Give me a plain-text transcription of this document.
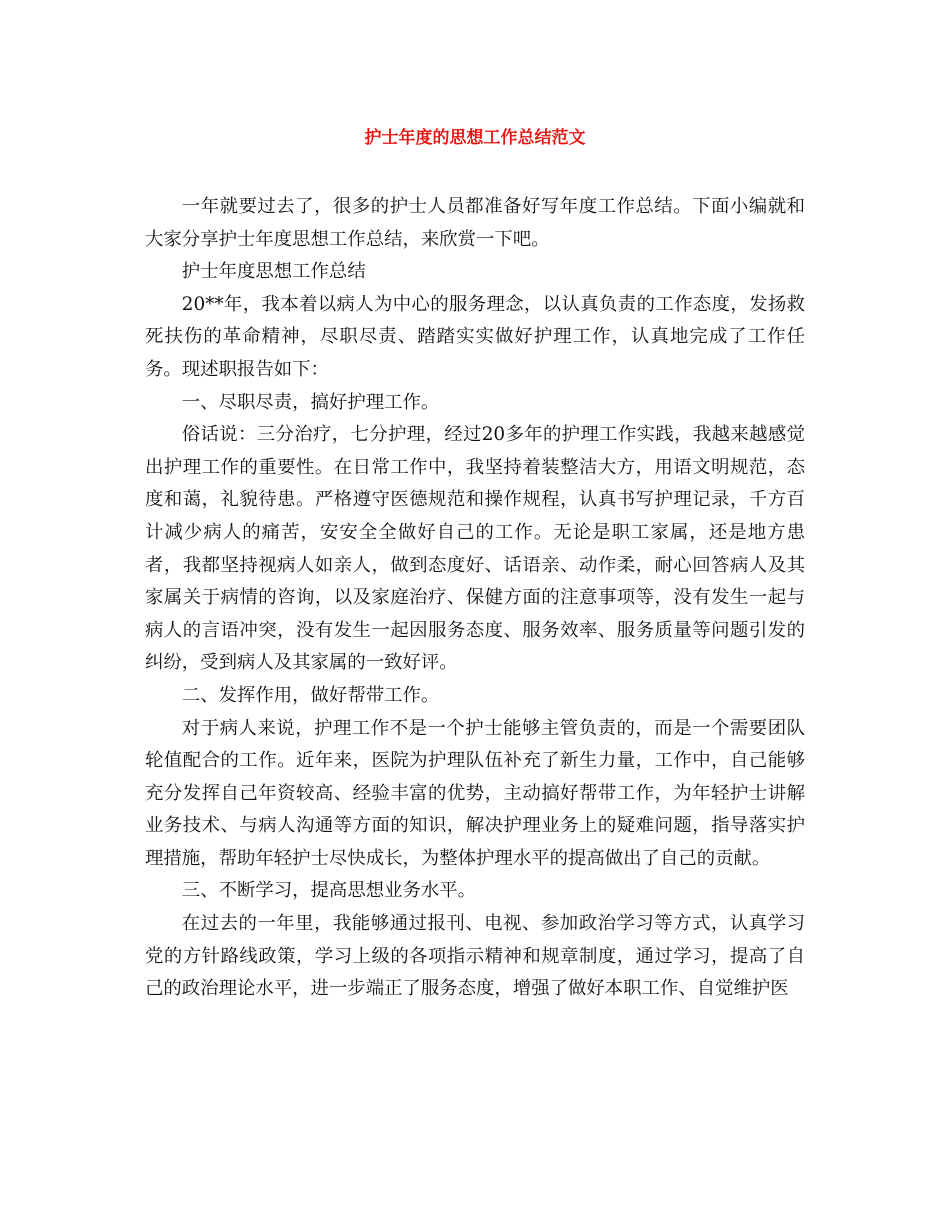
护士年度的思想工作总结范文

一年就要过去了，很多的护士人员都准备好写年度工作总结。下面小编就和大家分享护士年度思想工作总结，来欣赏一下吧。

护士年度思想工作总结

20**年，我本着以病人为中心的服务理念，以认真负责的工作态度，发扬救死扶伤的革命精神，尽职尽责、踏踏实实做好护理工作，认真地完成了工作任务。现述职报告如下：

一、尽职尽责，搞好护理工作。

俗话说：三分治疗，七分护理，经过20多年的护理工作实践，我越来越感觉出护理工作的重要性。在日常工作中，我坚持着装整洁大方，用语文明规范，态度和蔼，礼貌待患。严格遵守医德规范和操作规程，认真书写护理记录，千方百计减少病人的痛苦，安安全全做好自己的工作。无论是职工家属，还是地方患者，我都坚持视病人如亲人，做到态度好、话语亲、动作柔，耐心回答病人及其家属关于病情的咨询，以及家庭治疗、保健方面的注意事项等，没有发生一起与病人的言语冲突，没有发生一起因服务态度、服务效率、服务质量等问题引发的纠纷，受到病人及其家属的一致好评。

二、发挥作用，做好帮带工作。

对于病人来说，护理工作不是一个护士能够主管负责的，而是一个需要团队轮值配合的工作。近年来，医院为护理队伍补充了新生力量，工作中，自己能够充分发挥自己年资较高、经验丰富的优势，主动搞好帮带工作，为年轻护士讲解业务技术、与病人沟通等方面的知识，解决护理业务上的疑难问题，指导落实护理措施，帮助年轻护士尽快成长，为整体护理水平的提高做出了自己的贡献。

三、不断学习，提高思想业务水平。

在过去的一年里，我能够通过报刊、电视、参加政治学习等方式，认真学习党的方针路线政策，学习上级的各项指示精神和规章制度，通过学习，提高了自己的政治理论水平，进一步端正了服务态度，增强了做好本职工作、自觉维护医
